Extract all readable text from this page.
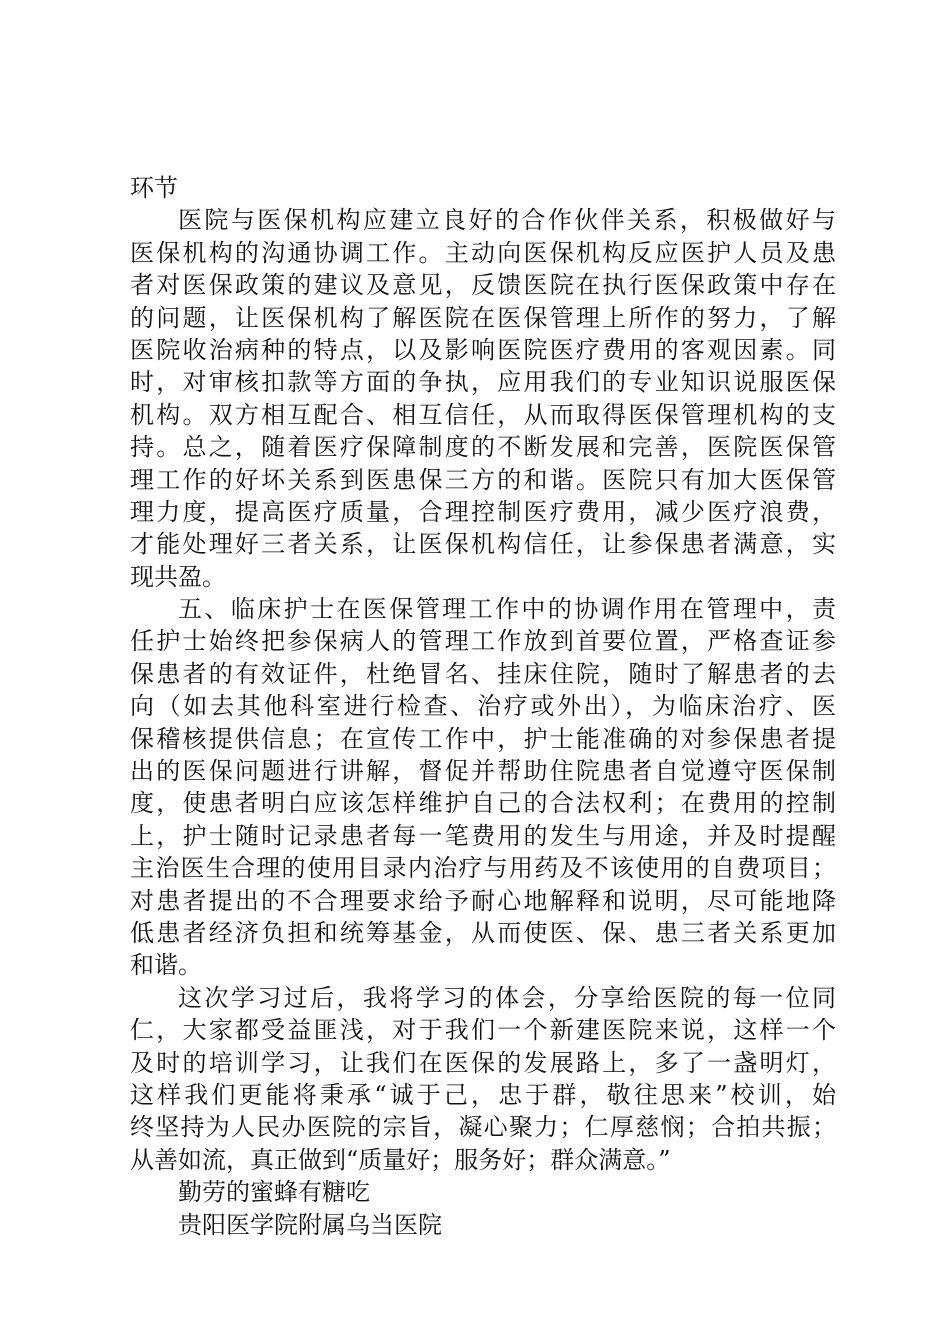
环节
医院与医保机构应建立良好的合作伙伴关系，积极做好与
医保机构的沟通协调工作。主动向医保机构反应医护人员及患
者对医保政策的建议及意见，反馈医院在执行医保政策中存在
的问题，让医保机构了解医院在医保管理上所作的努力，了解
医院收治病种的特点，以及影响医院医疗费用的客观因素。同
时，对审核扣款等方面的争执，应用我们的专业知识说服医保
机构。双方相互配合、相互信任，从而取得医保管理机构的支
持。总之，随着医疗保障制度的不断发展和完善，医院医保管
理工作的好坏关系到医患保三方的和谐。医院只有加大医保管
理力度，提高医疗质量，合理控制医疗费用，减少医疗浪费，
才能处理好三者关系，让医保机构信任，让参保患者满意，实
现共盈。
五、临床护士在医保管理工作中的协调作用在管理中，责
任护士始终把参保病人的管理工作放到首要位置，严格查证参
保患者的有效证件，杜绝冒名、挂床住院，随时了解患者的去
向（如去其他科室进行检查、治疗或外出），为临床治疗、医
保稽核提供信息；在宣传工作中，护士能准确的对参保患者提
出的医保问题进行讲解，督促并帮助住院患者自觉遵守医保制
度，使患者明白应该怎样维护自己的合法权利；在费用的控制
上，护士随时记录患者每一笔费用的发生与用途，并及时提醒
主治医生合理的使用目录内治疗与用药及不该使用的自费项目；
对患者提出的不合理要求给予耐心地解释和说明，尽可能地降
低患者经济负担和统筹基金，从而使医、保、患三者关系更加
和谐。
这次学习过后，我将学习的体会，分享给医院的每一位同
仁，大家都受益匪浅，对于我们一个新建医院来说，这样一个
及时的培训学习，让我们在医保的发展路上，多了一盏明灯，
这样我们更能将秉承“诚于己，忠于群，敬往思来”校训，始
终坚持为人民办医院的宗旨，凝心聚力；仁厚慈悯；合拍共振；
从善如流，真正做到“质量好；服务好；群众满意。”
勤劳的蜜蜂有糖吃
贵阳医学院附属乌当医院
